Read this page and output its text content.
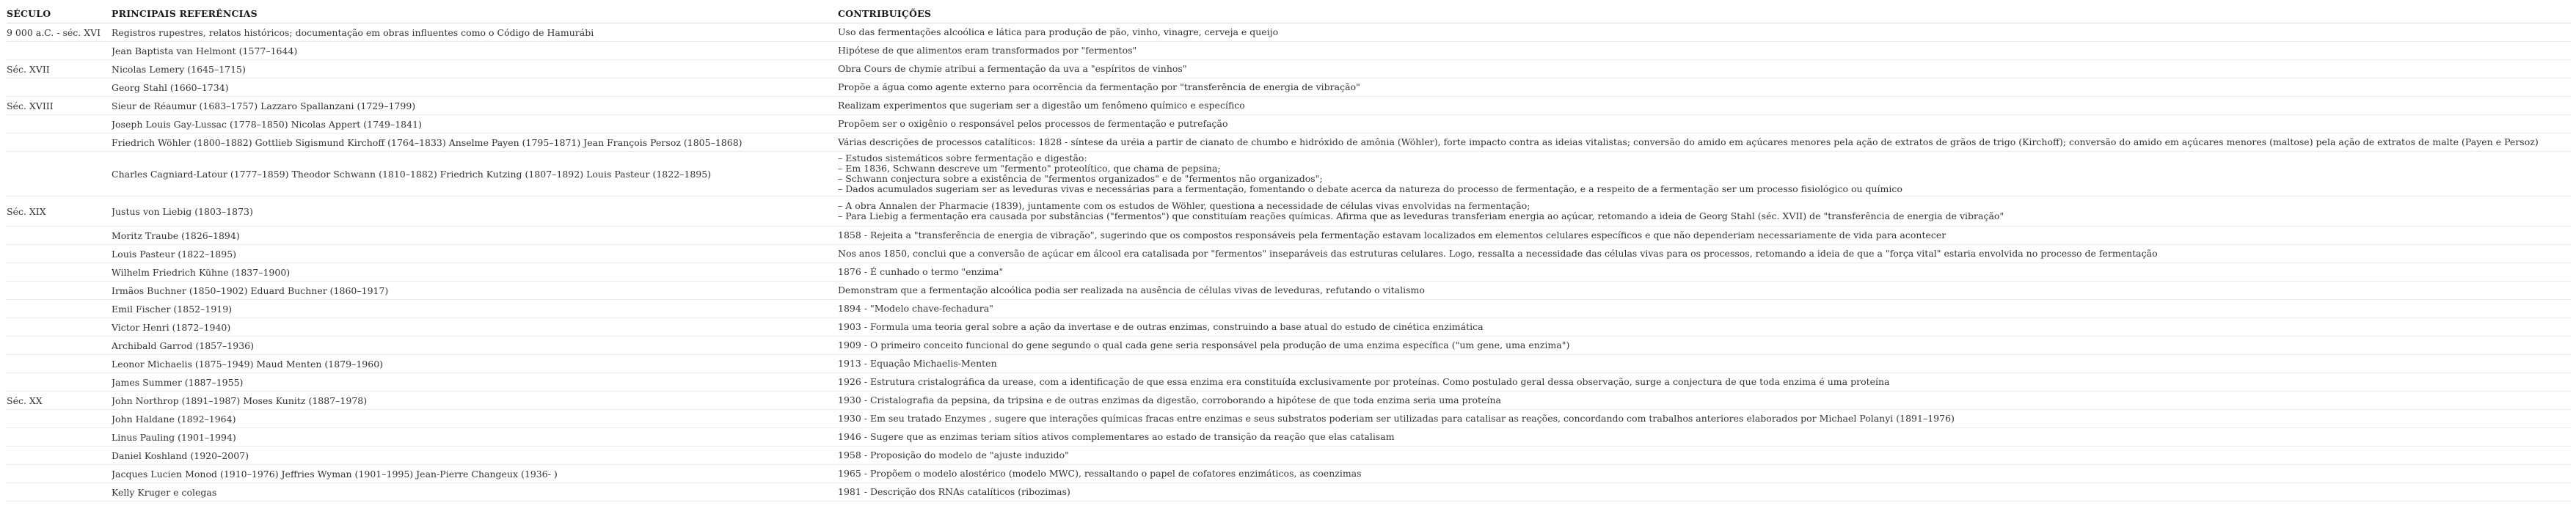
SÉCULO	PRINCIPAIS REFERÊNCIAS	CONTRIBUIÇÕES
9 000 a.C. - séc. XVI	Registros rupestres, relatos históricos; documentação em obras influentes como o Código de Hamurábi	Uso das fermentações alcoólica e lática para produção de pão, vinho, vinagre, cerveja e queijo

	Jean Baptista van Helmont (1577–1644)	Hipótese de que alimentos eram transformados por "fermentos"

Séc. XVII	Nicolas Lemery (1645–1715)	Obra Cours de chymie atribui a fermentação da uva a "espíritos de vinhos"

	Georg Stahl (1660–1734)	Propõe a água como agente externo para ocorrência da fermentação por "transferência de energia de vibração"

Séc. XVIII	Sieur de Réaumur (1683–1757) Lazzaro Spallanzani (1729–1799)	Realizam experimentos que sugeriam ser a digestão um fenômeno químico e específico

	Joseph Louis Gay-Lussac (1778–1850) Nicolas Appert (1749–1841)	Propõem ser o oxigênio o responsável pelos processos de fermentação e putrefação

	Friedrich Wöhler (1800–1882) Gottlieb Sigismund Kirchoff (1764–1833) Anselme Payen (1795–1871) Jean François Persoz (1805–1868)	Várias descrições de processos catalíticos: 1828 - síntese da uréia a partir de cianato de chumbo e hidróxido de amônia (Wöhler), forte impacto contra as ideias vitalistas; conversão do amido em açúcares menores pela ação de extratos de grãos de trigo (Kirchoff); conversão do amido em açúcares menores (maltose) pela ação de extratos de malte (Payen e Persoz)

	Charles Cagniard-Latour (1777–1859) Theodor Schwann (1810–1882) Friedrich Kutzing (1807–1892) Louis Pasteur (1822–1895)	– Estudos sistemáticos sobre fermentação e digestão:
– Em 1836, Schwann descreve um "fermento" proteolítico, que chama de pepsina;
– Schwann conjectura sobre a existência de "fermentos organizados" e de "fermentos não organizados";
– Dados acumulados sugeriam ser as leveduras vivas e necessárias para a fermentação, fomentando o debate acerca da natureza do processo de fermentação, e a respeito de a fermentação ser um processo fisiológico ou químico

Séc. XIX	Justus von Liebig (1803–1873)	– A obra Annalen der Pharmacie (1839), juntamente com os estudos de Wöhler, questiona a necessidade de células vivas envolvidas na fermentação;
– Para Liebig a fermentação era causada por substâncias ("fermentos") que constituíam reações químicas. Afirma que as leveduras transferiam energia ao açúcar, retomando a ideia de Georg Stahl (séc. XVII) de "transferência de energia de vibração"

	Moritz Traube (1826–1894)	1858 - Rejeita a "transferência de energia de vibração", sugerindo que os compostos responsáveis pela fermentação estavam localizados em elementos celulares específicos e que não dependeriam necessariamente de vida para acontecer

	Louis Pasteur (1822–1895)	Nos anos 1850, conclui que a conversão de açúcar em álcool era catalisada por "fermentos" inseparáveis das estruturas celulares. Logo, ressalta a necessidade das células vivas para os processos, retomando a ideia de que a "força vital" estaria envolvida no processo de fermentação

	Wilhelm Friedrich Kühne (1837–1900)	1876 - É cunhado o termo "enzima"

	Irmãos Buchner (1850–1902) Eduard Buchner (1860–1917)	Demonstram que a fermentação alcoólica podia ser realizada na ausência de células vivas de leveduras, refutando o vitalismo

	Emil Fischer (1852–1919)	1894 - "Modelo chave-fechadura"

	Victor Henri (1872–1940)	1903 - Formula uma teoria geral sobre a ação da invertase e de outras enzimas, construindo a base atual do estudo de cinética enzimática

	Archibald Garrod (1857–1936)	1909 - O primeiro conceito funcional do gene segundo o qual cada gene seria responsável pela produção de uma enzima específica ("um gene, uma enzima")

	Leonor Michaelis (1875–1949) Maud Menten (1879–1960)	1913 - Equação Michaelis-Menten

	James Summer (1887–1955)	1926 - Estrutura cristalográfica da urease, com a identificação de que essa enzima era constituída exclusivamente por proteínas. Como postulado geral dessa observação, surge a conjectura de que toda enzima é uma proteína

Séc. XX	John Northrop (1891–1987) Moses Kunitz (1887–1978)	1930 - Cristalografia da pepsina, da tripsina e de outras enzimas da digestão, corroborando a hipótese de que toda enzima seria uma proteína

	John Haldane (1892–1964)	1930 - Em seu tratado Enzymes , sugere que interações químicas fracas entre enzimas e seus substratos poderiam ser utilizadas para catalisar as reações, concordando com trabalhos anteriores elaborados por Michael Polanyi (1891–1976)

	Linus Pauling (1901–1994)	1946 - Sugere que as enzimas teriam sítios ativos complementares ao estado de transição da reação que elas catalisam

	Daniel Koshland (1920–2007)	1958 - Proposição do modelo de "ajuste induzido"

	Jacques Lucien Monod (1910–1976) Jeffries Wyman (1901–1995) Jean-Pierre Changeux (1936- )	1965 - Propõem o modelo alostérico (modelo MWC), ressaltando o papel de cofatores enzimáticos, as coenzimas

	Kelly Kruger e colegas	1981 - Descrição dos RNAs catalíticos (ribozimas)
